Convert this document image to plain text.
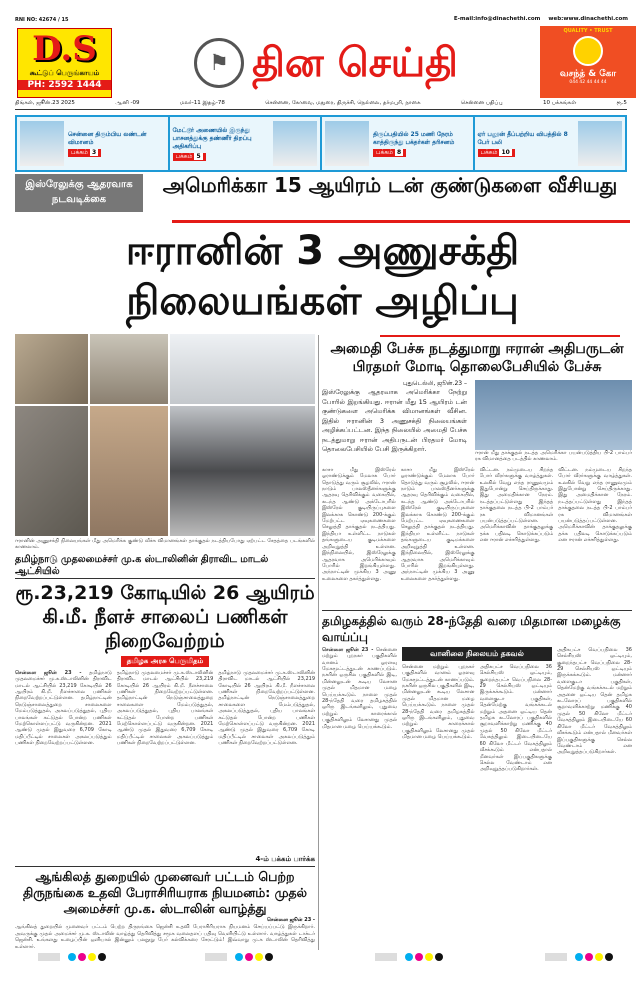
RNI NO: 42674 / 15	E-mail:info@dinachethi.com web:www.dinachethi.com
D.S
கூட்டுப் பெருங்காயம்
PH: 2592 1444
⚑ தின செய்தி
QUALITY • TRUST
வசந்த் & கோ
044 42 44 44 44
திங்கள், ஜூன்.23 2025	ஆனி -09	மலர்-11 இதழ்-78	சென்னை, கோவை, மதுரை, திருச்சி, நெல்லை, தர்மபுரி, நாகை	சென்னை பதிப்பு	10 பக்கங்கள்	ரூ.5
சென்னை திரும்பிய லண்டன் விமானம்
பக்கம் 3
மேட்டூர் அணையில் இருந்து பாசனத்துக்கு தண்ணீர் திறப்பு அதிகரிப்பு
பக்கம் 5
திருப்பதியில் 25 மணி நேரம் காத்திருந்து பக்தர்கள் தரிசனம்
பக்கம் 8
ஏர் பலூன் தீப்பற்றிய விபத்தில் 8 பேர் பலி
பக்கம் 10
இஸ்ரேலுக்கு ஆதரவாக நடவடிக்கை
அமெரிக்கா 15 ஆயிரம் டன் குண்டுகளை வீசியது
ஈரானின் 3 அணுசக்தி நிலையங்கள் அழிப்பு
ஈரானின் அணுசக்தி நிலையங்கள் மீது அமெரிக்க குண்டு வீச்சு விமானங்கள் தாக்குதல் நடத்தியபோது ஏற்பட்ட சேதத்தை படங்களில் காணலாம்.
தமிழ்நாடு முதலமைச்சர் மு.க ஸ்டாலினின் திராவிட மாடல் ஆட்சியில்
ரூ.23,219 கோடியில் 26 ஆயிரம் கி.மீ. நீளச் சாலைப் பணிகள் நிறைவேற்றம்
தமிழக அரசு பெருமிதம்
சென்னை ஜூன் 23 - தமிழ்நாடு முதலமைச்சர் மு.க.ஸ்டாலினின் திராவிட மாடல் ஆட்சியில் 23,219 கோடியில் 26 ஆயிரம் கி.மீ. நீளச்சாலை பணிகள் நிறைவேற்றப்பட்டுள்ளன. தமிழ்நாட்டின் நெடுஞ்சாலைத்துறை சாலைகளை மேம்படுத்துதல், அகலப்படுத்துதல், புதிய பாலங்கள் கட்டுதல் போன்ற பணிகள் மேற்கொள்ளப்பட்டு வருகின்றன. 2021 ஆண்டு முதல் இதுவரை 6,709 கோடி மதிப்பீட்டில் சாலைகள் அகலப்படுத்தும் பணிகள் நிறைவேற்றப்பட்டுள்ளன.
தமிழ்நாடு முதலமைச்சர் மு.க.ஸ்டாலினின் திராவிட மாடல் ஆட்சியில் 23,219 கோடியில் 26 ஆயிரம் கி.மீ. நீளச்சாலை பணிகள் நிறைவேற்றப்பட்டுள்ளன. தமிழ்நாட்டின் நெடுஞ்சாலைத்துறை சாலைகளை மேம்படுத்துதல், அகலப்படுத்துதல், புதிய பாலங்கள் கட்டுதல் போன்ற பணிகள் மேற்கொள்ளப்பட்டு வருகின்றன. 2021 ஆண்டு முதல் இதுவரை 6,709 கோடி மதிப்பீட்டில் சாலைகள் அகலப்படுத்தும் பணிகள் நிறைவேற்றப்பட்டுள்ளன.
தமிழ்நாடு முதலமைச்சர் மு.க.ஸ்டாலினின் திராவிட மாடல் ஆட்சியில் 23,219 கோடியில் 26 ஆயிரம் கி.மீ. நீளச்சாலை பணிகள் நிறைவேற்றப்பட்டுள்ளன. தமிழ்நாட்டின் நெடுஞ்சாலைத்துறை சாலைகளை மேம்படுத்துதல், அகலப்படுத்துதல், புதிய பாலங்கள் கட்டுதல் போன்ற பணிகள் மேற்கொள்ளப்பட்டு வருகின்றன. 2021 ஆண்டு முதல் இதுவரை 6,709 கோடி மதிப்பீட்டில் சாலைகள் அகலப்படுத்தும் பணிகள் நிறைவேற்றப்பட்டுள்ளன.
4-ம் பக்கம் பார்க்க
ஆங்கிலத் துறையில் முனைவர் பட்டம் பெற்ற திருநங்கை உதவி பேராசிரியராக நியமனம்: முதல் அமைச்சர் மு.க. ஸ்டாலின் வாழ்த்து
சென்னை ஜூன் 23 -
ஆங்கிலத் துறையில் முனைவர் பட்டம் பெற்ற திருநங்கை ஜென்சி உதவி பேராசிரியராக நியமனம் செய்யப்பட்டு இருக்கிறார். அவருக்கு முதல் அமைச்சர் மு.க. ஸ்டாலின் வாழ்த்து தெரிவித்து சமூக வலைதளப் பதிவு வெளியிட்டு உள்ளார். வாழ்த்துகள் டாக்டர் ஜென்சி. உங்களது உழைப்பின் ஒளியால் இன்னும் பலநூறு பேர் கல்விக்கரை சேரட்டும்! இவ்வாறு மு.க ஸ்டாலின் தெரிவித்து உள்ளார்.
அமைதி பேச்சு நடத்துமாறு ஈரான் அதிபருடன் பிரதமர் மோடி தொலைபேசியில் பேச்சு
புதுடெல்லி, ஜூன்.23 –
இஸ்ரேலுக்கு ஆதரவாக அமெரிக்கா நேற்று போரில் இறங்கியது. ஈரான் மீது 15 ஆயிரம் டன் குண்டுகளை அமெரிக்க விமானங்கள் வீசின. இதில் ஈரானின் 3 அணுசக்தி நிலையங்கள் அழிக்கப்பட்டன. இந்த நிலையில் அமைதி பேச்சு நடத்துமாறு ஈரான் அதிபருடன் பிரதமர் மோடி தொலைபேசியில் பேசி இருக்கிறார்.	ஈரான் மீது தாக்குதல் நடத்த அமெரிக்கா பயன்படுத்திய பி-2 பாம்பர் ரக விமானத்தை படத்தில் காணலாம்.
காசா மீது இஸ்ரேல் ஓராண்டுக்கும் மேலாக போர் தொடுத்து வரும் சூழலில், ஈரான் நாடும் பாலஸ்தீனர்களுக்கு ஆதரவு தெரிவிக்கும் வகையில், கடந்த ஆண்டு அக்டோபரில் இஸ்ரேல் குடியிருப்புகளை இலக்காக கொண்டு 200-க்கும் மேற்பட்ட ஏவுகணைகளை செலுத்தி தாக்குதல் நடத்தியது. இந்தியா உள்ளிட்ட நாடுகள் தங்களுடைய குடிமக்களை அறிவுறுத்தி உள்ளன. இந்நிலையில், இஸ்ரேலுக்கு ஆதரவாக அமெரிக்காவும் போரில் இறங்கியுள்ளது. அந்நாட்டின் முக்கிய 3 அணு உலைகளை தகர்த்துள்ளது.
காசா மீது இஸ்ரேல் ஓராண்டுக்கும் மேலாக போர் தொடுத்து வரும் சூழலில், ஈரான் நாடும் பாலஸ்தீனர்களுக்கு ஆதரவு தெரிவிக்கும் வகையில், கடந்த ஆண்டு அக்டோபரில் இஸ்ரேல் குடியிருப்புகளை இலக்காக கொண்டு 200-க்கும் மேற்பட்ட ஏவுகணைகளை செலுத்தி தாக்குதல் நடத்தியது. இந்தியா உள்ளிட்ட நாடுகள் தங்களுடைய குடிமக்களை அறிவுறுத்தி உள்ளன. இந்நிலையில், இஸ்ரேலுக்கு ஆதரவாக அமெரிக்காவும் போரில் இறங்கியுள்ளது. அந்நாட்டின் முக்கிய 3 அணு உலைகளை தகர்த்துள்ளது.
விட்டன. நம்முடைய சிறந்த போர் வீரர்களுக்கு வாழ்த்துகள். உலகில் வேறு எந்த ராணுவமும் இதுபோன்று செய்திருக்காது. இது அமைதிக்கான நேரம். நடத்தப்பட்டுள்ளது இந்தத் தாக்குதலை நடத்த பி-2 பாம்பர் ரக விமானங்கள் பயன்படுத்தப்பட்டுள்ளன. அமெரிக்காவின் தாக்குதலுக்கு தக்க பதிலடி கொடுக்கப்படும் என ஈரான் எச்சரித்துள்ளது.
விட்டன. நம்முடைய சிறந்த போர் வீரர்களுக்கு வாழ்த்துகள். உலகில் வேறு எந்த ராணுவமும் இதுபோன்று செய்திருக்காது. இது அமைதிக்கான நேரம். நடத்தப்பட்டுள்ளது இந்தத் தாக்குதலை நடத்த பி-2 பாம்பர் ரக விமானங்கள் பயன்படுத்தப்பட்டுள்ளன. அமெரிக்காவின் தாக்குதலுக்கு தக்க பதிலடி கொடுக்கப்படும் என ஈரான் எச்சரித்துள்ளது.
தமிழகத்தில் வரும் 28-ந்தேதி வரை மிதமான மழைக்கு வாய்ப்பு
சென்னை ஜூன் 23 - சென்னை மற்றும் புறநகர் பகுதிகளில் வானம் ஓரளவு மேகமூட்டத்துடன் காணப்படும். நகரின் ஒருசில பகுதிகளில் இடி, மின்னலுடன் கூடிய லேசான முதல் மிதமான மழை பெய்யக்கூடும். நாளை முதல் 28-ந்தேதி வரை தமிழகத்தில் ஒரிரு இடங்களிலும், புதுவை மற்றும் காரைக்கால் பகுதிகளிலும் லேசானது முதல் மிதமான மழை பெய்யக்கூடும்.
வானிலை நிலையம் தகவல்
சென்னை மற்றும் புறநகர் பகுதிகளில் வானம் ஓரளவு மேகமூட்டத்துடன் காணப்படும். நகரின் ஒருசில பகுதிகளில் இடி, மின்னலுடன் கூடிய லேசான முதல் மிதமான மழை பெய்யக்கூடும். நாளை முதல் 28-ந்தேதி வரை தமிழகத்தில் ஒரிரு இடங்களிலும், புதுவை மற்றும் காரைக்கால் பகுதிகளிலும் லேசானது முதல் மிதமான மழை பெய்யக்கூடும்.
அதிகபட்ச வெப்பநிலை 36 செல்சியஸ் ஒட்டியும், குறைந்தபட்ச வெப்பநிலை 28-29 செல்சியஸ் ஒட்டியும் இருக்கக்கூடும். மன்னார் வளைகுடா பகுதிகள், தென்மேற்கு வங்கக்கடல் மற்றும் அதனை ஒட்டிய தென் தமிழக கடலோரப் பகுதிகளில் சூறாவளிக்காற்று மணிக்கு 40 முதல் 50 கிலோ மீட்டர் வேகத்திலும் இடையிடையே 60 கிலோ மீட்டர் வேகத்திலும் வீசக்கூடும் என்பதால் மீனவர்கள் இப்பகுதிகளுக்கு செல்ல வேண்டாம் என அறிவுறுத்தப்படுகிறார்கள்.
அதிகபட்ச வெப்பநிலை 36 செல்சியஸ் ஒட்டியும், குறைந்தபட்ச வெப்பநிலை 28-29 செல்சியஸ் ஒட்டியும் இருக்கக்கூடும். மன்னார் வளைகுடா பகுதிகள், தென்மேற்கு வங்கக்கடல் மற்றும் அதனை ஒட்டிய தென் தமிழக கடலோரப் பகுதிகளில் சூறாவளிக்காற்று மணிக்கு 40 முதல் 50 கிலோ மீட்டர் வேகத்திலும் இடையிடையே 60 கிலோ மீட்டர் வேகத்திலும் வீசக்கூடும் என்பதால் மீனவர்கள் இப்பகுதிகளுக்கு செல்ல வேண்டாம் என அறிவுறுத்தப்படுகிறார்கள்.
